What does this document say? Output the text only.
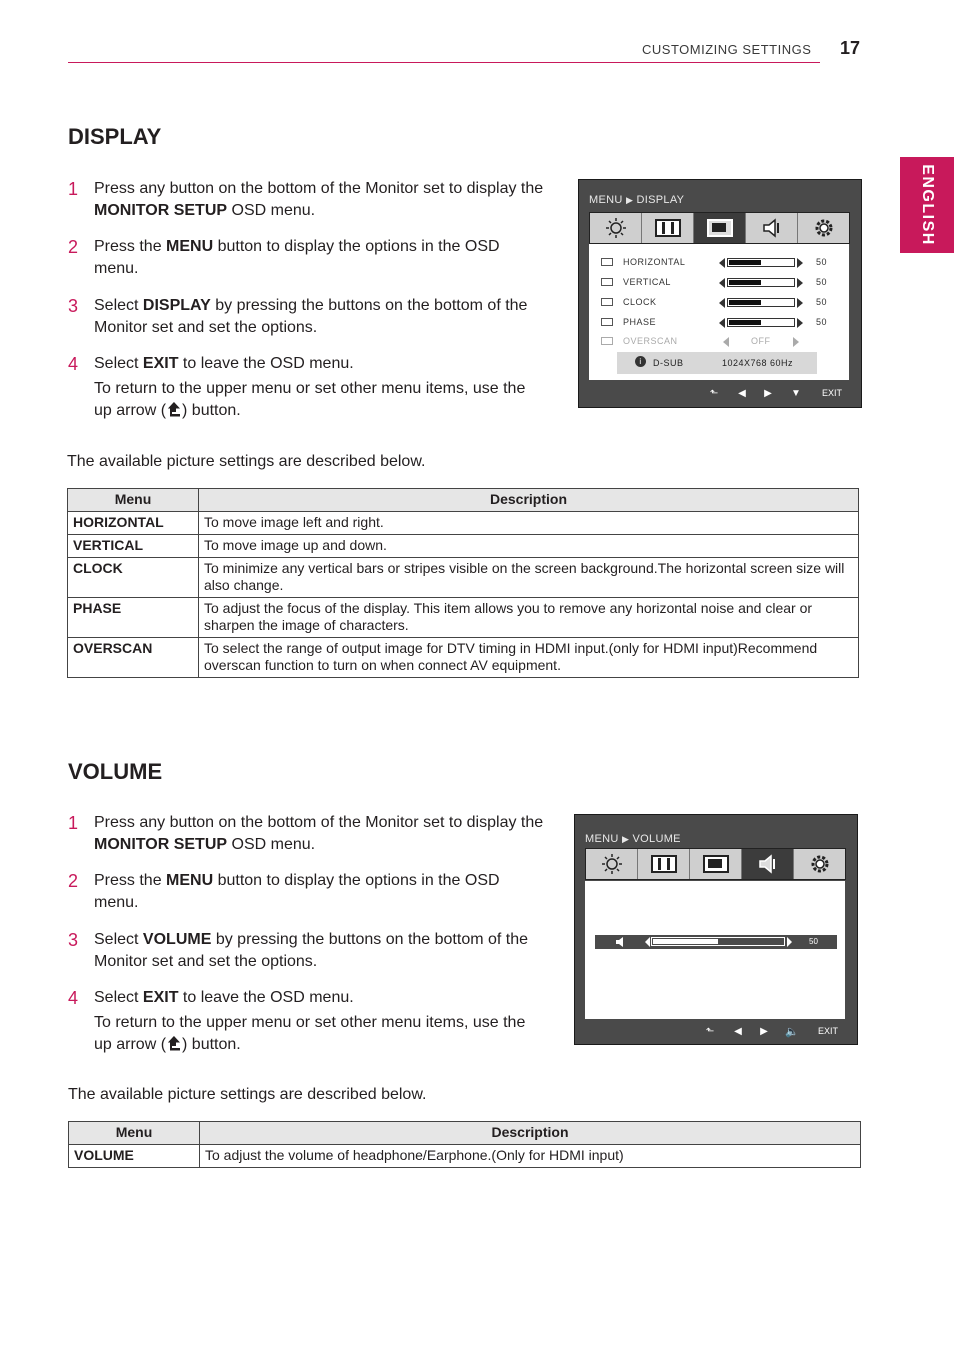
CUSTOMIZING SETTINGS 17
ENGLISH
DISPLAY
1 Press any button on the bottom of the Monitor set to display the MONITOR SETUP OSD menu.
2 Press the MENU button to display the options in the OSD menu.
3 Select DISPLAY by pressing the buttons on the bottom of the Monitor set and set the options.
4 Select EXIT to leave the OSD menu.
To return to the upper menu or set other menu items, use the up arrow ( ) button.
MENU ▶ DISPLAY
HORIZONTAL	50
VERTICAL	50
CLOCK	50
PHASE	50
OVERSCAN	OFF
i	D-SUB	1024X768 60Hz
⬑	◀	▶	▼	EXIT
The available picture settings are described below.
Menu	Description
HORIZONTAL	To move image left and right.
VERTICAL	To move image up and down.
CLOCK	To minimize any vertical bars or stripes visible on the screen background.The horizontal screen size will also change.
PHASE	To adjust the focus of the display. This item allows you to remove any horizontal noise and clear or sharpen the image of characters.
OVERSCAN	To select the range of output image for DTV timing in HDMI input.(only for HDMI input)Recommend overscan function to turn on when connect AV equipment.
VOLUME
1 Press any button on the bottom of the Monitor set to display the MONITOR SETUP OSD menu.
2 Press the MENU button to display the options in the OSD menu.
3 Select VOLUME by pressing the buttons on the bottom of the Monitor set and set the options.
4 Select EXIT to leave the OSD menu.
To return to the upper menu or set other menu items, use the up arrow ( ) button.
MENU ▶ VOLUME
50
⬑	◀	▶ 🔈	EXIT
The available picture settings are described below.
Menu	Description
VOLUME	To adjust the volume of headphone/Earphone.(Only for HDMI input)
